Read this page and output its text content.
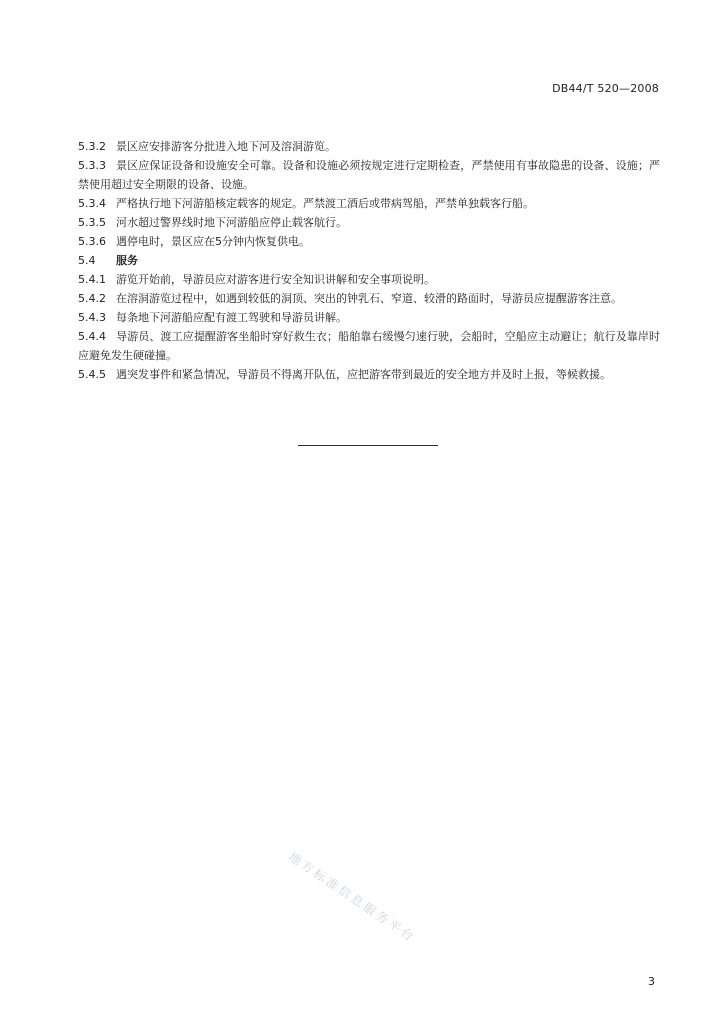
DB44/T 520—2008

5.3.2 景区应安排游客分批进入地下河及溶洞游览。

5.3.3 景区应保证设备和设施安全可靠。设备和设施必须按规定进行定期检查，严禁使用有事故隐患的设备、设施；严禁使用超过安全期限的设备、设施。

5.3.4 严格执行地下河游船核定载客的规定。严禁渡工酒后或带病驾船，严禁单独载客行船。

5.3.5 河水超过警界线时地下河游船应停止载客航行。

5.3.6 遇停电时，景区应在5分钟内恢复供电。

5.4 服务

5.4.1 游览开始前，导游员应对游客进行安全知识讲解和安全事项说明。

5.4.2 在溶洞游览过程中，如遇到较低的洞顶、突出的钟乳石、窄道、较滑的路面时，导游员应提醒游客注意。

5.4.3 每条地下河游船应配有渡工驾驶和导游员讲解。

5.4.4 导游员、渡工应提醒游客坐船时穿好救生衣；船舶靠右缓慢匀速行驶，会船时，空船应主动避让；航行及靠岸时应避免发生硬碰撞。

5.4.5 遇突发事件和紧急情况，导游员不得离开队伍，应把游客带到最近的安全地方并及时上报，等候救援。

地方标准信息服务平台
3
